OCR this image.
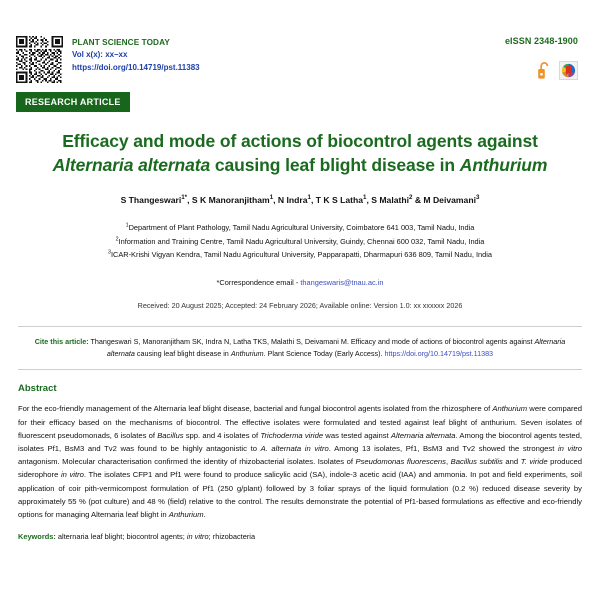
PLANT SCIENCE TODAY
Vol x(x): xx–xx
https://doi.org/10.14719/pst.11383
eISSN 2348-1900
RESEARCH ARTICLE
Efficacy and mode of actions of biocontrol agents against
Alternaria alternata causing leaf blight disease in Anthurium
S Thangeswari$^{1*}$, S K Manoranjitham$^1$, N Indra$^1$, T K S Latha$^1$, S Malathi$^2$ & M Deivamani$^3$
$^1$Department of Plant Pathology, Tamil Nadu Agricultural University, Coimbatore 641 003, Tamil Nadu, India
$^2$Information and Training Centre, Tamil Nadu Agricultural University, Guindy, Chennai 600 032, Tamil Nadu, India
$^3$ICAR-Krishi Vigyan Kendra, Tamil Nadu Agricultural University, Papparapatti, Dharmapuri 636 809, Tamil Nadu, India
*Correspondence email - thangeswaris@tnau.ac.in
Received: 20 August 2025; Accepted: 24 February 2026; Available online: Version 1.0: xx xxxxxx 2026
Cite this article: Thangeswari S, Manoranjitham SK, Indra N, Latha TKS, Malathi S, Deivamani M. Efficacy and mode of actions of biocontrol agents against Alternaria alternata causing leaf blight disease in Anthurium. Plant Science Today (Early Access). https://doi.org/10.14719/pst.11383
Abstract
For the eco-friendly management of the Alternaria leaf blight disease, bacterial and fungal biocontrol agents isolated from the rhizosphere of Anthurium were compared for their efficacy based on the mechanisms of biocontrol. The effective isolates were formulated and tested against leaf blight of anthurium. Seven isolates of fluorescent pseudomonads, 6 isolates of Bacillus spp. and 4 isolates of Trichoderma viride was tested against Alternaria alternata. Among the biocontrol agents tested, isolates Pf1, BsM3 and Tv2 was found to be highly antagonistic to A. alternata in vitro. Among 13 isolates, Pf1, BsM3 and Tv2 showed the strongest in vitro antagonism. Molecular characterisation confirmed the identity of rhizobacterial isolates. Isolates of Pseudomonas fluorescens, Bacillus subtilis and T. viride produced siderophore in vitro. The isolates CFP1 and Pf1 were found to produce salicylic acid (SA), indole-3 acetic acid (IAA) and ammonia. In pot and field experiments, soil application of coir pith-vermicompost formulation of Pf1 (250 g/plant) followed by 3 foliar sprays of the liquid formulation (0.2 %) reduced disease severity by approximately 55 % (pot culture) and 48 % (field) relative to the control. The results demonstrate the potential of Pf1-based formulations as effective and eco-friendly options for managing Alternaria leaf blight in Anthurium.
Keywords: alternaria leaf blight; biocontrol agents; in vitro; rhizobacteria
